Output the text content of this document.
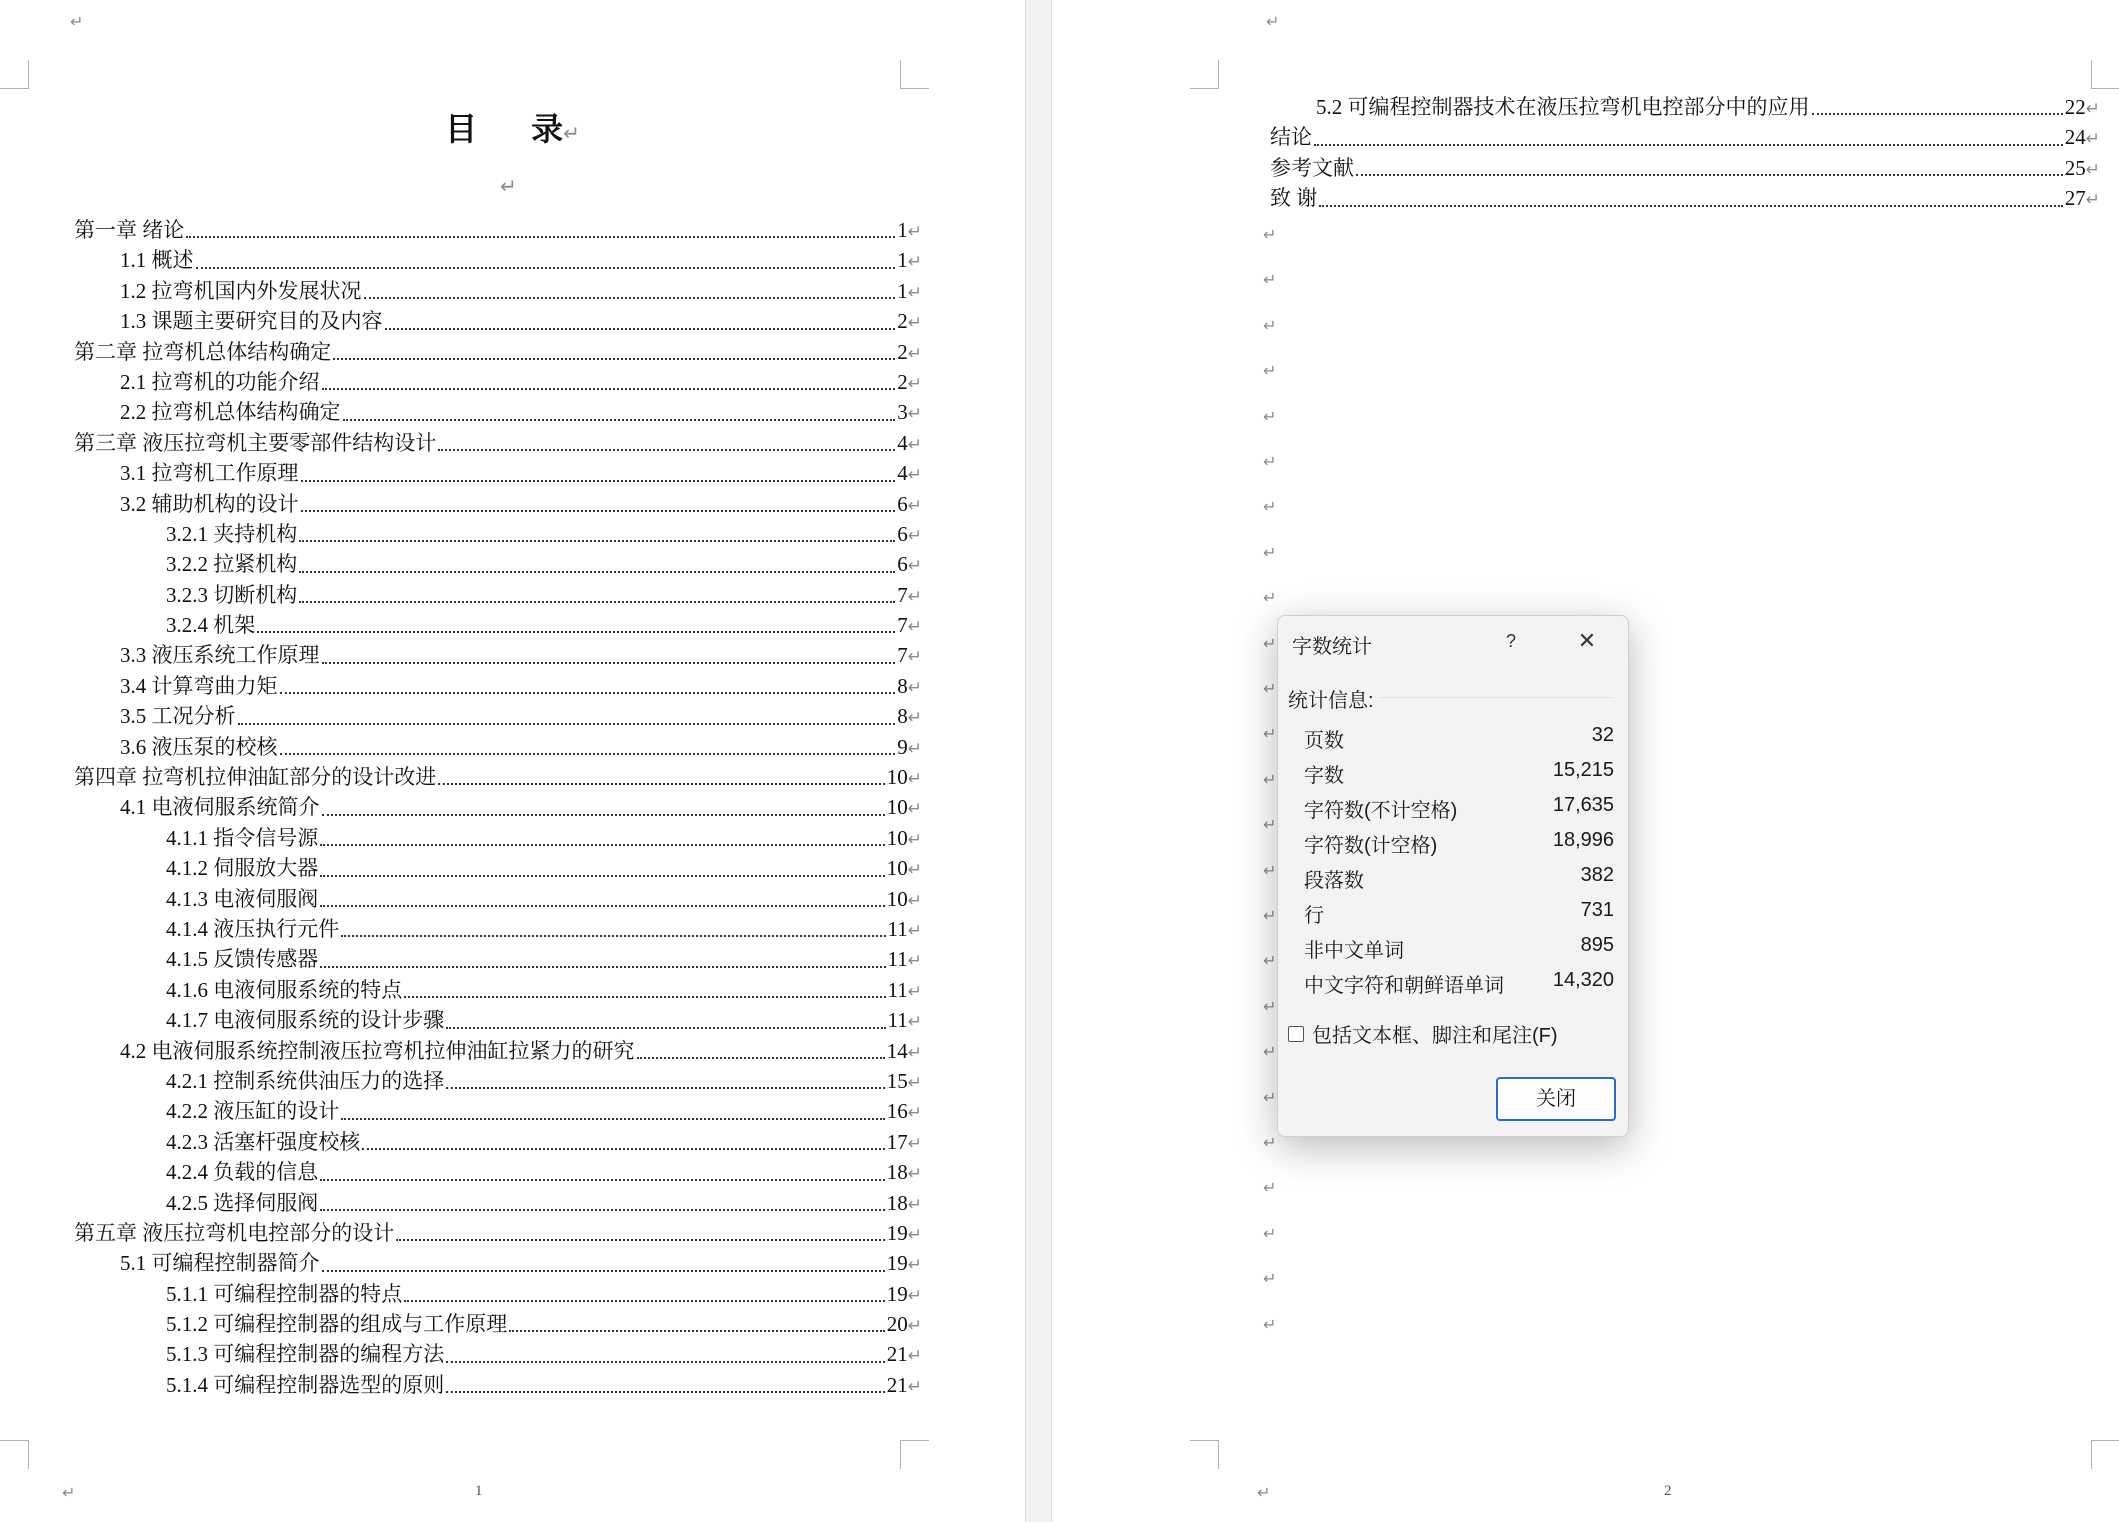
↵
目 录↵
↵
第一章 绪论	1 ↵
1.1 概述	1 ↵
1.2 拉弯机国内外发展状况	1 ↵
1.3 课题主要研究目的及内容	2 ↵
第二章 拉弯机总体结构确定	2 ↵
2.1 拉弯机的功能介绍	2 ↵
2.2 拉弯机总体结构确定	3 ↵
第三章 液压拉弯机主要零部件结构设计	4 ↵
3.1 拉弯机工作原理	4 ↵
3.2 辅助机构的设计	6 ↵
3.2.1 夹持机构	6 ↵
3.2.2 拉紧机构	6 ↵
3.2.3 切断机构	7 ↵
3.2.4 机架	7 ↵
3.3 液压系统工作原理	7 ↵
3.4 计算弯曲力矩	8 ↵
3.5 工况分析	8 ↵
3.6 液压泵的校核	9 ↵
第四章 拉弯机拉伸油缸部分的设计改进	10 ↵
4.1 电液伺服系统简介	10 ↵
4.1.1 指令信号源	10 ↵
4.1.2 伺服放大器	10 ↵
4.1.3 电液伺服阀	10 ↵
4.1.4 液压执行元件	11 ↵
4.1.5 反馈传感器	11 ↵
4.1.6 电液伺服系统的特点	11 ↵
4.1.7 电液伺服系统的设计步骤	11 ↵
4.2 电液伺服系统控制液压拉弯机拉伸油缸拉紧力的研究	14 ↵
4.2.1 控制系统供油压力的选择	15 ↵
4.2.2 液压缸的设计	16 ↵
4.2.3 活塞杆强度校核	17 ↵
4.2.4 负载的信息	18 ↵
4.2.5 选择伺服阀	18 ↵
第五章 液压拉弯机电控部分的设计	19 ↵
5.1 可编程控制器简介	19 ↵
5.1.1 可编程控制器的特点	19 ↵
5.1.2 可编程控制器的组成与工作原理	20 ↵
5.1.3 可编程控制器的编程方法	21 ↵
5.1.4 可编程控制器选型的原则	21 ↵
↵	1
↵
5.2 可编程控制器技术在液压拉弯机电控部分中的应用	22 ↵
结论	24 ↵
参考文献	25 ↵
致 谢	27 ↵
↵
↵
↵
↵
↵
↵
↵
↵
↵
↵
↵
↵
↵
↵
↵
↵
↵
↵
↵
↵
↵
↵
↵
↵
↵
↵	2
字数统计	?	✕
统计信息:
页数	32
字数	15,215
字符数(不计空格)	17,635
字符数(计空格)	18,996
段落数	382
行	731
非中文单词	895
中文字符和朝鲜语单词 14,320
包括文本框、脚注和尾注(F)
关闭
